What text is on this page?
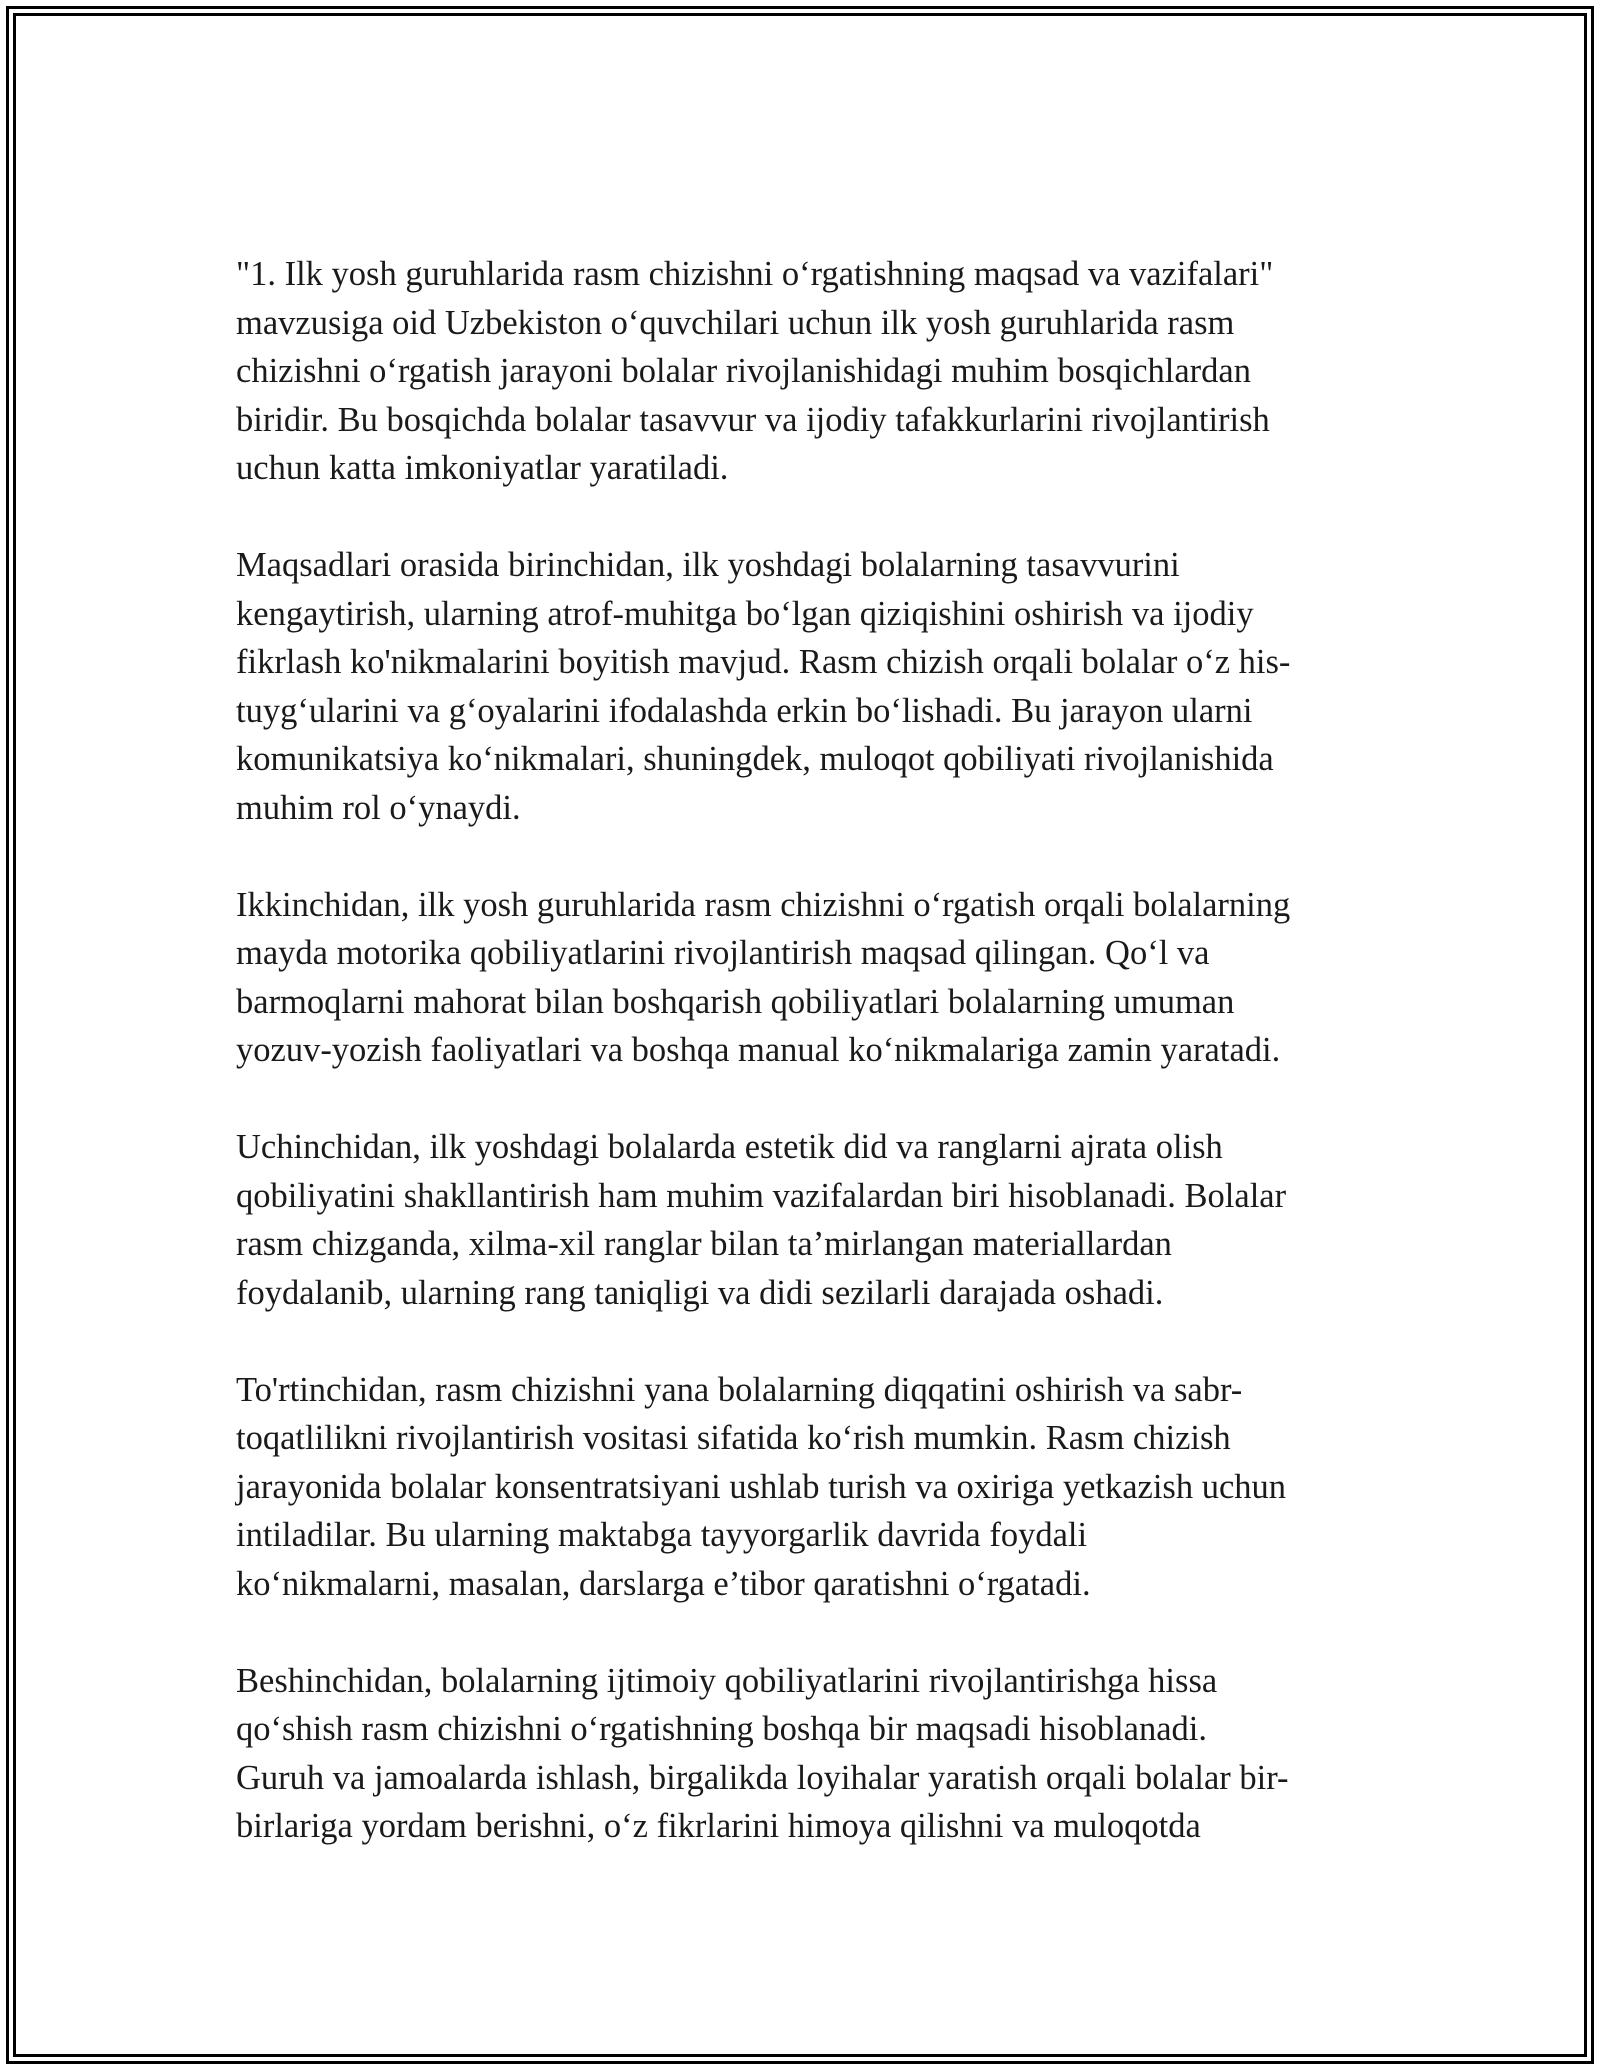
"1. Ilk yosh guruhlarida rasm chizishni o‘rgatishning maqsad va vazifalari"
mavzusiga oid Uzbekiston o‘quvchilari uchun ilk yosh guruhlarida rasm
chizishni o‘rgatish jarayoni bolalar rivojlanishidagi muhim bosqichlardan
biridir. Bu bosqichda bolalar tasavvur va ijodiy tafakkurlarini rivojlantirish
uchun katta imkoniyatlar yaratiladi.

Maqsadlari orasida birinchidan, ilk yoshdagi bolalarning tasavvurini
kengaytirish, ularning atrof-muhitga bo‘lgan qiziqishini oshirish va ijodiy
fikrlash ko'nikmalarini boyitish mavjud. Rasm chizish orqali bolalar o‘z his-
tuyg‘ularini va g‘oyalarini ifodalashda erkin bo‘lishadi. Bu jarayon ularni
komunikatsiya ko‘nikmalari, shuningdek, muloqot qobiliyati rivojlanishida
muhim rol o‘ynaydi.

Ikkinchidan, ilk yosh guruhlarida rasm chizishni o‘rgatish orqali bolalarning
mayda motorika qobiliyatlarini rivojlantirish maqsad qilingan. Qo‘l va
barmoqlarni mahorat bilan boshqarish qobiliyatlari bolalarning umuman
yozuv-yozish faoliyatlari va boshqa manual ko‘nikmalariga zamin yaratadi.

Uchinchidan, ilk yoshdagi bolalarda estetik did va ranglarni ajrata olish
qobiliyatini shakllantirish ham muhim vazifalardan biri hisoblanadi. Bolalar
rasm chizganda, xilma-xil ranglar bilan ta’mirlangan materiallardan
foydalanib, ularning rang taniqligi va didi sezilarli darajada oshadi.

To'rtinchidan, rasm chizishni yana bolalarning diqqatini oshirish va sabr-
toqatlilikni rivojlantirish vositasi sifatida ko‘rish mumkin. Rasm chizish
jarayonida bolalar konsentratsiyani ushlab turish va oxiriga yetkazish uchun
intiladilar. Bu ularning maktabga tayyorgarlik davrida foydali
ko‘nikmalarni, masalan, darslarga e’tibor qaratishni o‘rgatadi.

Beshinchidan, bolalarning ijtimoiy qobiliyatlarini rivojlantirishga hissa
qo‘shish rasm chizishni o‘rgatishning boshqa bir maqsadi hisoblanadi.
Guruh va jamoalarda ishlash, birgalikda loyihalar yaratish orqali bolalar bir-
birlariga yordam berishni, o‘z fikrlarini himoya qilishni va muloqotda
